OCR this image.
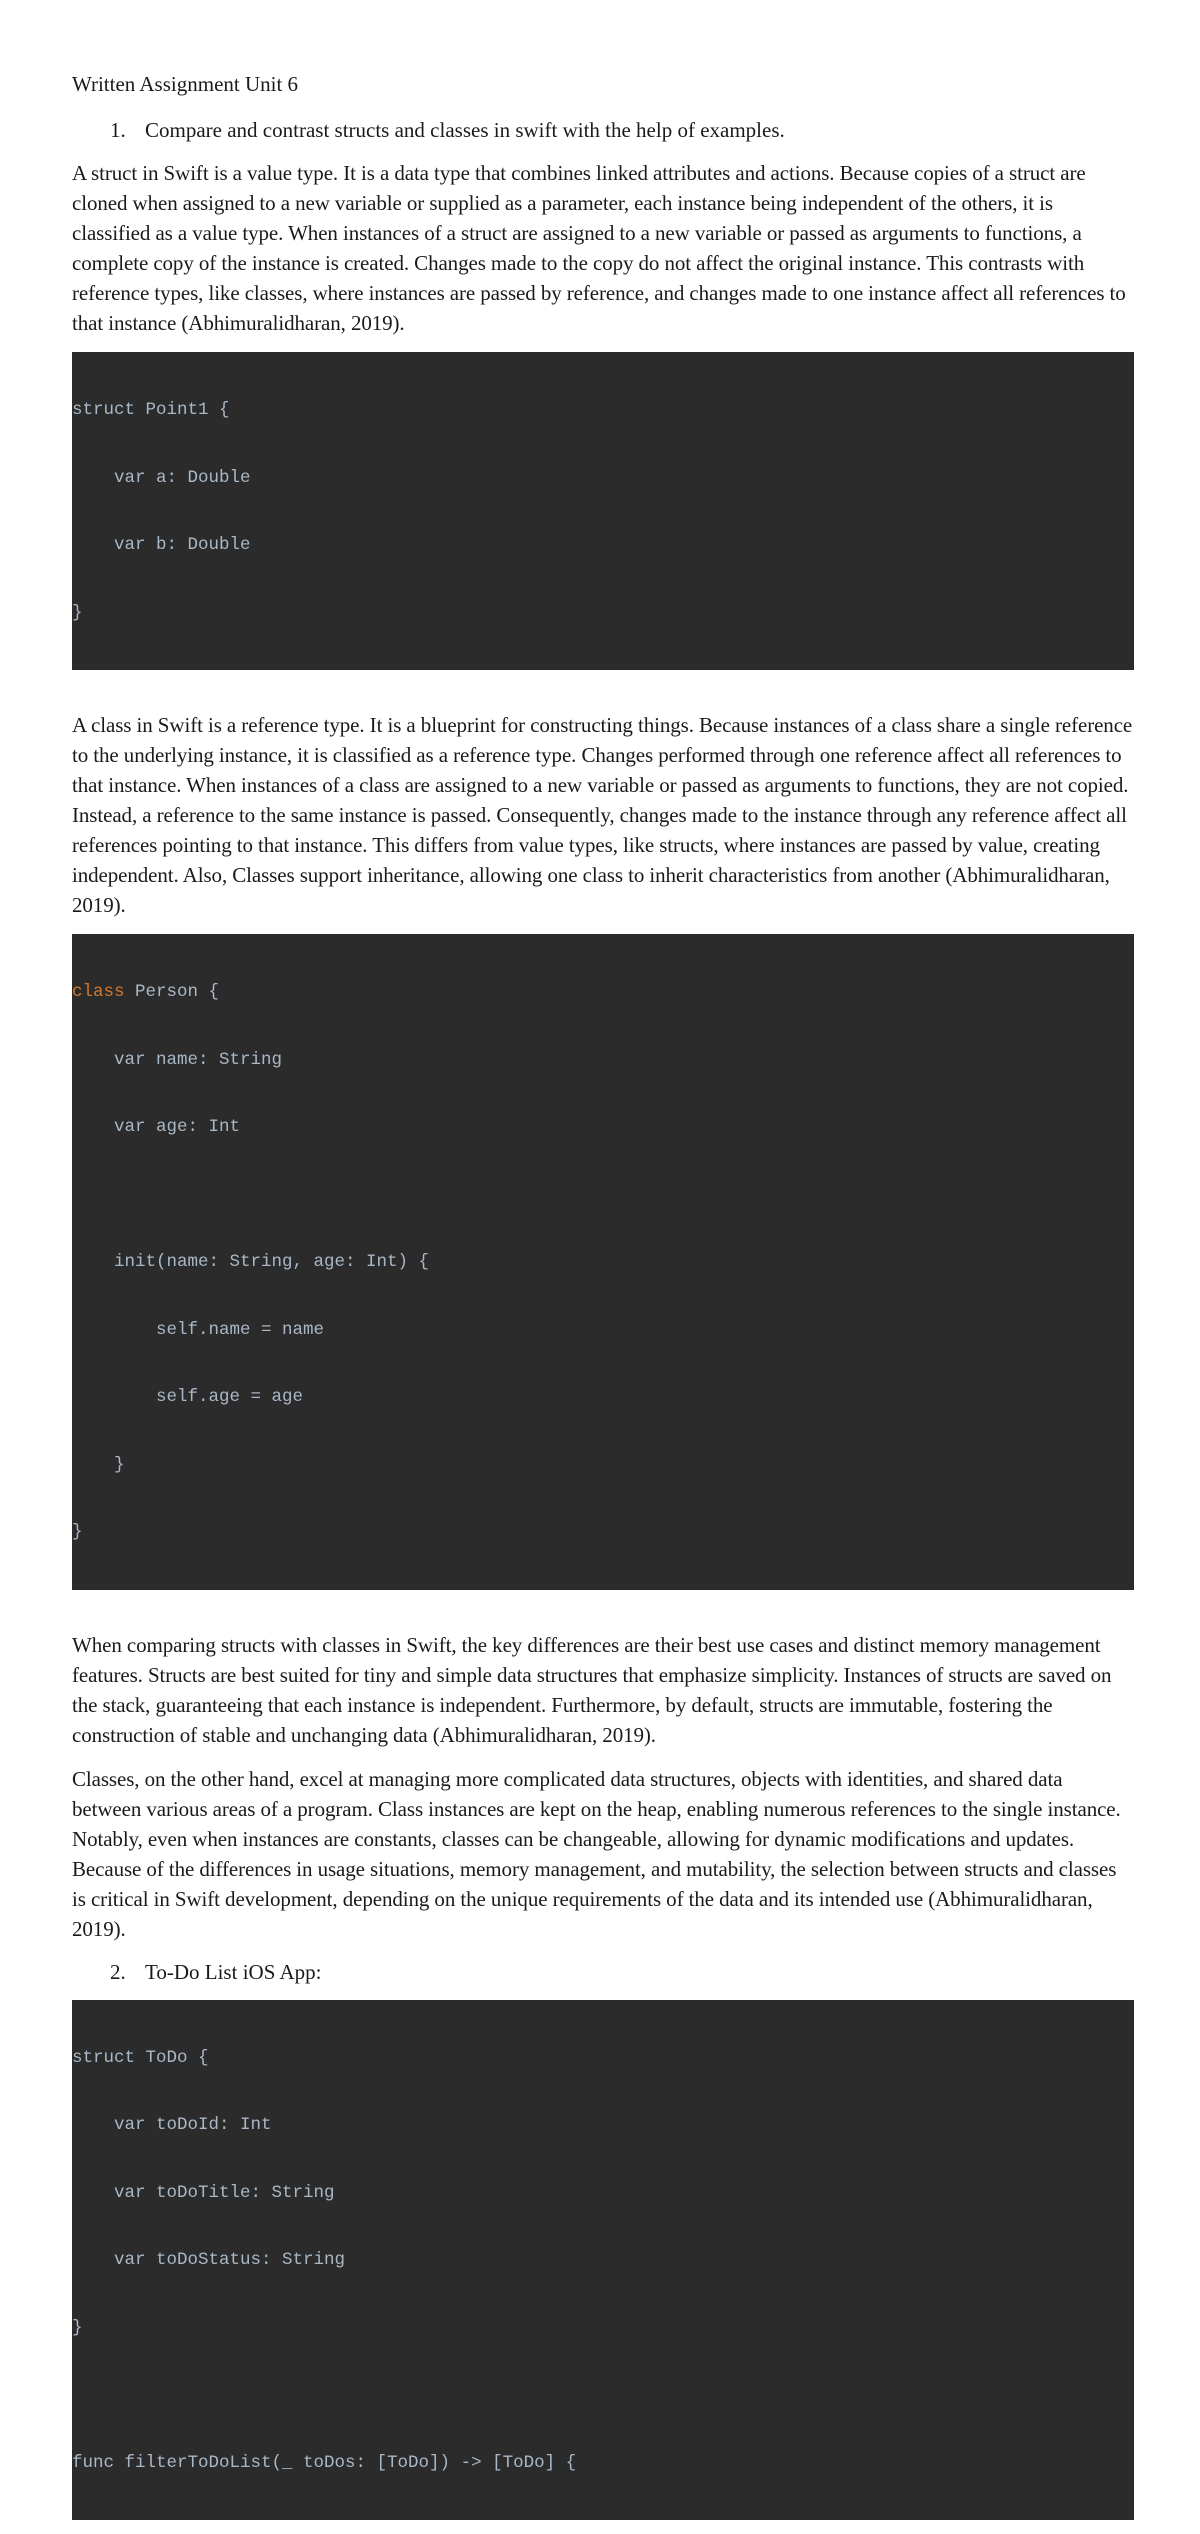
Written Assignment Unit 6
1. Compare and contrast structs and classes in swift with the help of examples.

A struct in Swift is a value type. It is a data type that combines linked attributes and actions. Because copies of a struct are cloned when assigned to a new variable or supplied as a parameter, each instance being independent of the others, it is classified as a value type. When instances of a struct are assigned to a new variable or passed as arguments to functions, a complete copy of the instance is created. Changes made to the copy do not affect the original instance. This contrasts with reference types, like classes, where instances are passed by reference, and changes made to one instance affect all references to that instance (Abhimuralidharan, 2019).

struct Point1 {

var a: Double

var b: Double

}

A class in Swift is a reference type. It is a blueprint for constructing things. Because instances of a class share a single reference to the underlying instance, it is classified as a reference type. Changes performed through one reference affect all references to that instance. When instances of a class are assigned to a new variable or passed as arguments to functions, they are not copied. Instead, a reference to the same instance is passed. Consequently, changes made to the instance through any reference affect all references pointing to that instance. This differs from value types, like structs, where instances are passed by value, creating independent. Also, Classes support inheritance, allowing one class to inherit characteristics from another (Abhimuralidharan, 2019).

class Person {

var name: String

var age: Int

init(name: String, age: Int) {

self.name = name

self.age = age

}

}

When comparing structs with classes in Swift, the key differences are their best use cases and distinct memory management features. Structs are best suited for tiny and simple data structures that emphasize simplicity. Instances of structs are saved on the stack, guaranteeing that each instance is independent. Furthermore, by default, structs are immutable, fostering the construction of stable and unchanging data (Abhimuralidharan, 2019).

Classes, on the other hand, excel at managing more complicated data structures, objects with identities, and shared data between various areas of a program. Class instances are kept on the heap, enabling numerous references to the single instance. Notably, even when instances are constants, classes can be changeable, allowing for dynamic modifications and updates. Because of the differences in usage situations, memory management, and mutability, the selection between structs and classes is critical in Swift development, depending on the unique requirements of the data and its intended use (Abhimuralidharan, 2019).

2. To-Do List iOS App:

struct ToDo {

var toDoId: Int

var toDoTitle: String

var toDoStatus: String

}

func filterToDoList(_ toDos: [ToDo]) -> [ToDo] {
